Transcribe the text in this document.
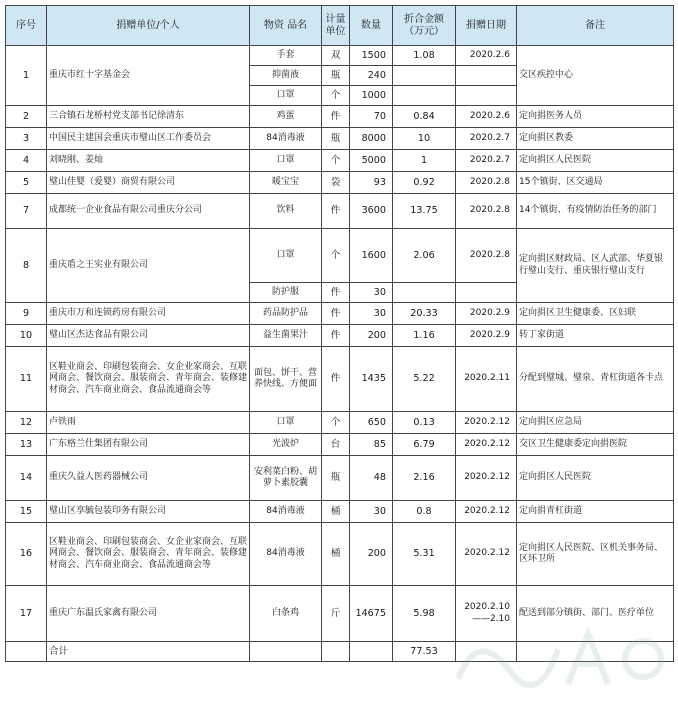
序号	捐赠单位/个人	物资 品名	计量单位	数量	折合金额（万元）	捐赠日期	备注
1	重庆市红十字基金会	手套	双	1500	1.08	2020.2.6	交区疾控中心
		抑菌液	瓶	240			
		口罩	个	1000			
2	三合镇石龙桥村党支部书记徐清东	鸡蛋	件	70	0.84	2020.2.6	定向捐医务人员
3	中国民主建国会重庆市璧山区工作委员会	84消毒液	瓶	8000	10	2020.2.7	定向捐区教委
4	刘晓刚、姜灿	口罩	个	5000	1	2020.2.7	定向捐区人民医院
5	璧山佳婴（爱婴）商贸有限公司	暖宝宝	袋	93	0.92	2020.2.8	15个镇街、区交通局
7	成都统一企业食品有限公司重庆分公司	饮料	件	3600	13.75	2020.2.8	14个镇街、有疫情防治任务的部门
8	重庆盾之王实业有限公司	口罩	个	1600	2.06	2020.2.8	定向捐区财政局、区人武部、华夏银行璧山支行、重庆银行璧山支行
		防护服	件	30			
9	重庆市万和连锁药房有限公司	药品防护品	件	30	20.33	2020.2.9	定向捐区卫生健康委、区妇联
10	璧山区杰达食品有限公司	益生菌果汁	件	200	1.16	2020.2.9	转丁家街道
11	区鞋业商会、印刷包装商会、女企业家商会、互联网商会、餐饮商会、服装商会、青年商会、装修建材商会、汽车商业商会、食品流通商会等	面包、饼干、营养快线、方便面	件	1435	5.22	2020.2.11	分配到璧城、璧泉、青杠街道各卡点
12	卢铁雨	口罩	个	650	0.13	2020.2.12	定向捐区应急局
13	广东格兰仕集团有限公司	光波炉	台	85	6.79	2020.2.12	交区卫生健康委定向捐医院
14	重庆久益人医药器械公司	安利菜白粉、胡萝卜素胶囊	瓶	48	2.16	2020.2.12	定向捐区人民医院
15	璧山区享毓包装印务有限公司	84消毒液	桶	30	0.8	2020.2.12	定向捐青杠街道
16	区鞋业商会、印刷包装商会、女企业家商会、互联网商会、餐饮商会、服装商会、青年商会、装修建材商会、汽车商业商会、食品流通商会等	84消毒液	桶	200	5.31	2020.2.12	定向捐区人民医院、区机关事务局、区环卫所
17	重庆广东温氏家禽有限公司	白条鸡	斤	14675	5.98	2020.2.10——2.10	配送到部分镇街、部门、医疗单位
	合计				77.53		
